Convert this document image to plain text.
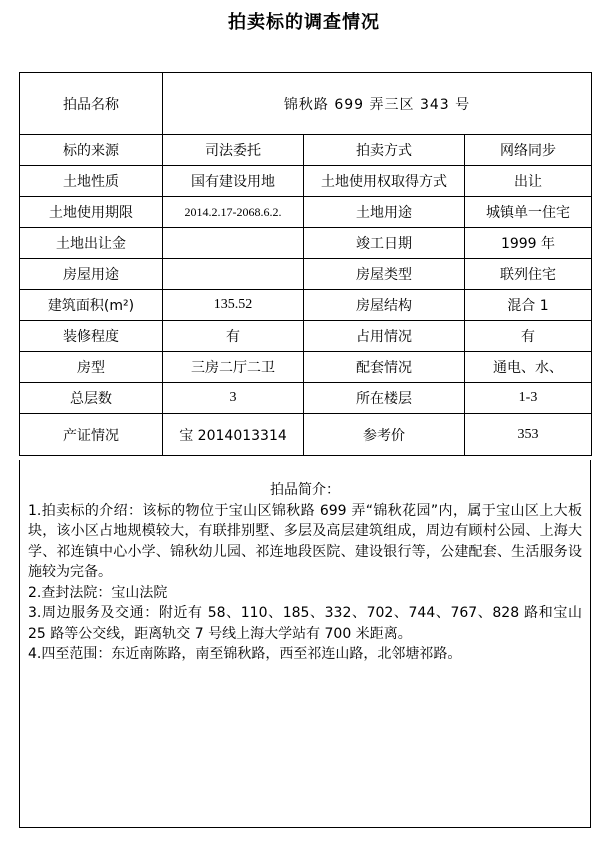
拍卖标的调查情况
拍品名称	锦秋路 699 弄三区 343 号		
标的来源	司法委托	拍卖方式	网络同步
土地性质	国有建设用地	土地使用权取得方式	出让
土地使用期限	2014.2.17-2068.6.2.	土地用途	城镇单一住宅
土地出让金		竣工日期	1999 年
房屋用途		房屋类型	联列住宅
建筑面积(m²)	135.52	房屋结构	混合 1
装修程度	有	占用情况	有
房型	三房二厅二卫	配套情况	通电、水、
总层数	3	所在楼层	1-3
产证情况	宝 2014013314	参考价	353
拍品简介：

1.拍卖标的介绍：该标的物位于宝山区锦秋路 699 弄“锦秋花园”内，属于宝山区上大板块，该小区占地规模较大，有联排别墅、多层及高层建筑组成，周边有顾村公园、上海大学、祁连镇中心小学、锦秋幼儿园、祁连地段医院、建设银行等，公建配套、生活服务设施较为完备。

2.查封法院：宝山法院

3.周边服务及交通：附近有 58、110、185、332、702、744、767、828 路和宝山 25 路等公交线，距离轨交 7 号线上海大学站有 700 米距离。

4.四至范围：东近南陈路，南至锦秋路，西至祁连山路，北邻塘祁路。
